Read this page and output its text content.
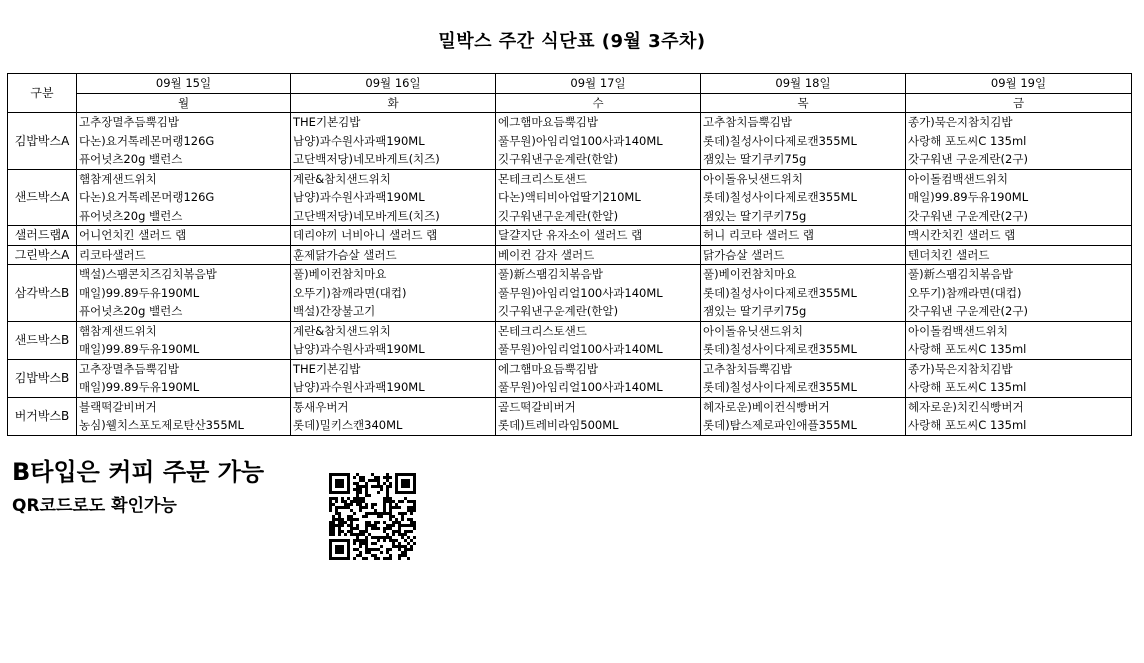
밀박스 주간 식단표 (9월 3주차)
구분	09월 15일	09월 16일	09월 17일	09월 18일	09월 19일
	월	화	수	목	금
김밥박스A	고추장멸추듬뿍김밥	THE기본김밥	에그햄마요듬뿍김밥	고추참치듬뿍김밥	종가)묵은지참치김밥
	다논)요거톡레몬머랭126G	남양)과수원사과팩190ML	풀무원)아임리얼100사과140ML	롯데)칠성사이다제로캔355ML	사랑해 포도씨C 135ml
	퓨어넛츠20g 밸런스	고단백저당)네모바게트(치즈)	깃구워낸구운계란(한알)	잼있는 딸기쿠키75g	갓구워낸 구운계란(2구)
샌드박스A	햄참계샌드위치	계란&참치샌드위치	몬테크리스토샌드	아이돌유닛샌드위치	아이돌컴백샌드위치
	다논)요거톡레몬머랭126G	남양)과수원사과팩190ML	다논)액티비아업딸기210ML	롯데)칠성사이다제로캔355ML	매일)99.89두유190ML
	퓨어넛츠20g 밸런스	고단백저당)네모바게트(치즈)	깃구워낸구운계란(한알)	잼있는 딸기쿠키75g	갓구워낸 구운계란(2구)
샐러드랩A	어니언치킨 샐러드 랩	데리야끼 너비아니 샐러드 랩	달걀지단 유자소이 샐러드 랩	허니 리코타 샐러드 랩	맥시칸치킨 샐러드 랩
그린박스A	리코타샐러드	훈제닭가슴살 샐러드	베이컨 감자 샐러드	닭가슴살 샐러드	텐더치킨 샐러드
삼각박스B	백설)스팸콘치즈김치볶음밥	풀)베이컨참치마요	풀)新스팸김치볶음밥	풀)베이컨참치마요	풀)新스팸김치볶음밥
	매일)99.89두유190ML	오뚜기)참깨라면(대컵)	풀무원)아임리얼100사과140ML	롯데)칠성사이다제로캔355ML	오뚜기)참깨라면(대컵)
	퓨어넛츠20g 밸런스	백설)간장불고기	깃구워낸구운계란(한알)	잼있는 딸기쿠키75g	갓구워낸 구운계란(2구)
샌드박스B	햄참계샌드위치	계란&참치샌드위치	몬테크리스토샌드	아이돌유닛샌드위치	아이돌컴백샌드위치
	매일)99.89두유190ML	남양)과수원사과팩190ML	풀무원)아임리얼100사과140ML	롯데)칠성사이다제로캔355ML	사랑해 포도씨C 135ml
김밥박스B	고추장멸추듬뿍김밥	THE기본김밥	에그햄마요듬뿍김밥	고추참치듬뿍김밥	종가)묵은지참치김밥
	매일)99.89두유190ML	남양)과수원사과팩190ML	풀무원)아임리얼100사과140ML	롯데)칠성사이다제로캔355ML	사랑해 포도씨C 135ml
버거박스B	블랙떡갈비버거	통새우버거	골드떡갈비버거	헤자로운)베이컨식빵버거	헤자로운)치킨식빵버거
	농심)웰치스포도제로탄산355ML	롯데)밀키스캔340ML	롯데)트레비라임500ML	롯데)탐스제로파인애플355ML	사랑해 포도씨C 135ml
B타입은 커피 주문 가능
QR코드로도 확인가능
